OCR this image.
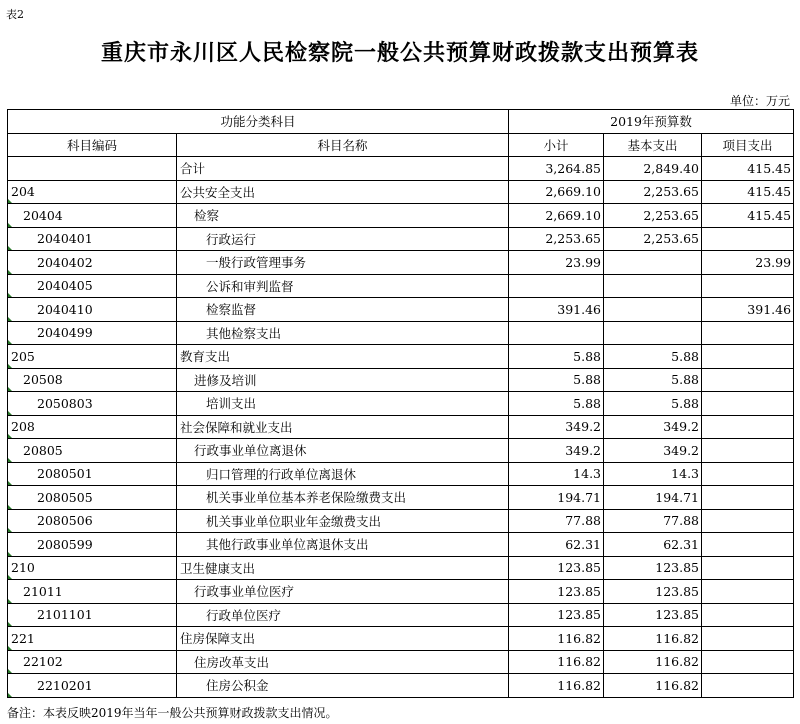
表2
重庆市永川区人民检察院一般公共预算财政拨款支出预算表
单位：万元
功能分类科目		2019年预算数		
科目编码	科目名称	小计	基本支出	项目支出
	合计	3,264.85	2,849.40	415.45
204	公共安全支出	2,669.10	2,253.65	415.45
20404	检察	2,669.10	2,253.65	415.45
2040401	行政运行	2,253.65	2,253.65	
2040402	一般行政管理事务	23.99		23.99
2040405	公诉和审判监督			
2040410	检察监督	391.46		391.46
2040499	其他检察支出			
205	教育支出	5.88	5.88	
20508	进修及培训	5.88	5.88	
2050803	培训支出	5.88	5.88	
208	社会保障和就业支出	349.2	349.2	
20805	行政事业单位离退休	349.2	349.2	
2080501	归口管理的行政单位离退休	14.3	14.3	
2080505	机关事业单位基本养老保险缴费支出	194.71	194.71	
2080506	机关事业单位职业年金缴费支出	77.88	77.88	
2080599	其他行政事业单位离退休支出	62.31	62.31	
210	卫生健康支出	123.85	123.85	
21011	行政事业单位医疗	123.85	123.85	
2101101	行政单位医疗	123.85	123.85	
221	住房保障支出	116.82	116.82	
22102	住房改革支出	116.82	116.82	
2210201	住房公积金	116.82	116.82	
备注：本表反映2019年当年一般公共预算财政拨款支出情况。
